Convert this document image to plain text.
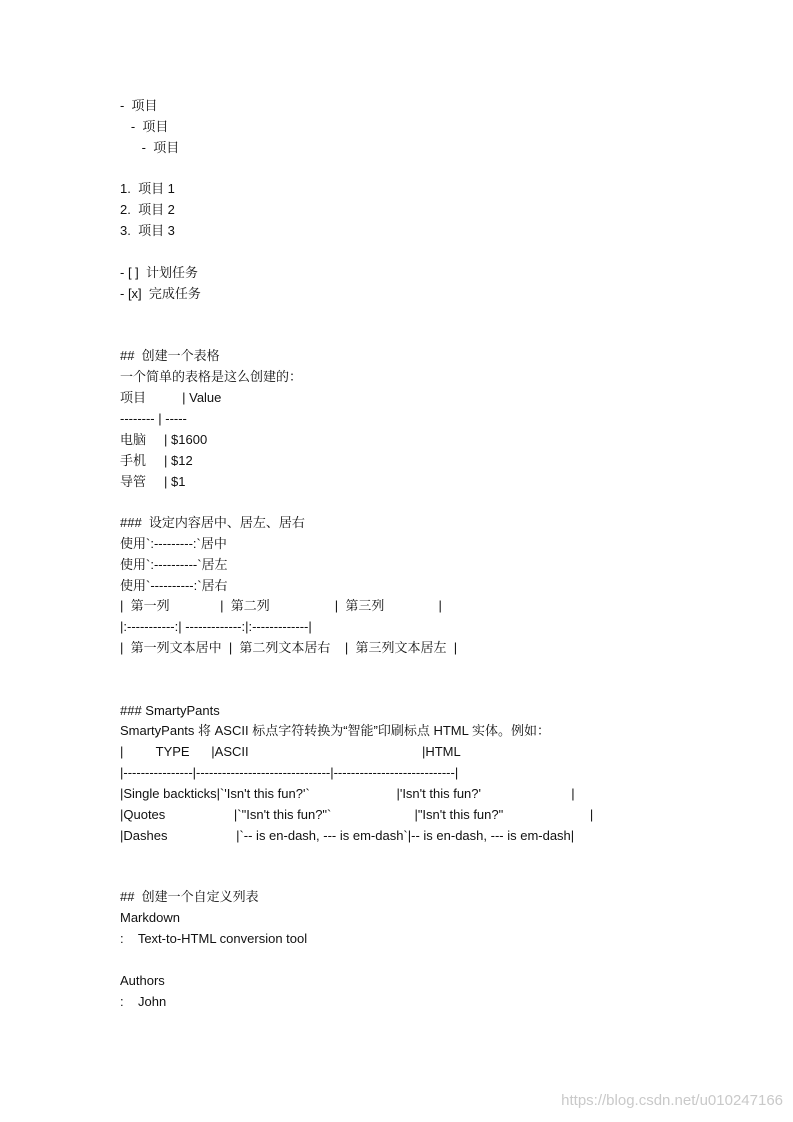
-  项目
-  项目
-  项目
1.  项目 1
2.  项目 2
3.  项目 3
- [ ]  计划任务
- [x]  完成任务
##  创建一个表格
一个简单的表格是这么创建的：
项目          | Value
-------- | -----
电脑     | $1600
手机     | $12
导管     | $1
###  设定内容居中、居左、居右
使用`:---------:`居中
使用`:----------`居左
使用`----------:`居右
|  第一列              |  第二列                  |  第三列               |
|:-----------:| -------------:|:-------------|
|  第一列文本居中  |  第二列文本居右    |  第三列文本居左  |
### SmartyPants
SmartyPants 将 ASCII 标点字符转换为“智能”印刷标点 HTML 实体。例如：
|         TYPE      |ASCII                                                |HTML
|----------------|-------------------------------|----------------------------|
|Single backticks|`'Isn't this fun?'`                        |'Isn't this fun?'                         |
|Quotes                   |`"Isn't this fun?"`                       |"Isn't this fun?"                        |
|Dashes                   |`-- is en-dash, --- is em-dash`|-- is en-dash, --- is em-dash|
##  创建一个自定义列表
Markdown
:    Text-to-HTML conversion tool
Authors
:    John
https://blog.csdn.net/u010247166
